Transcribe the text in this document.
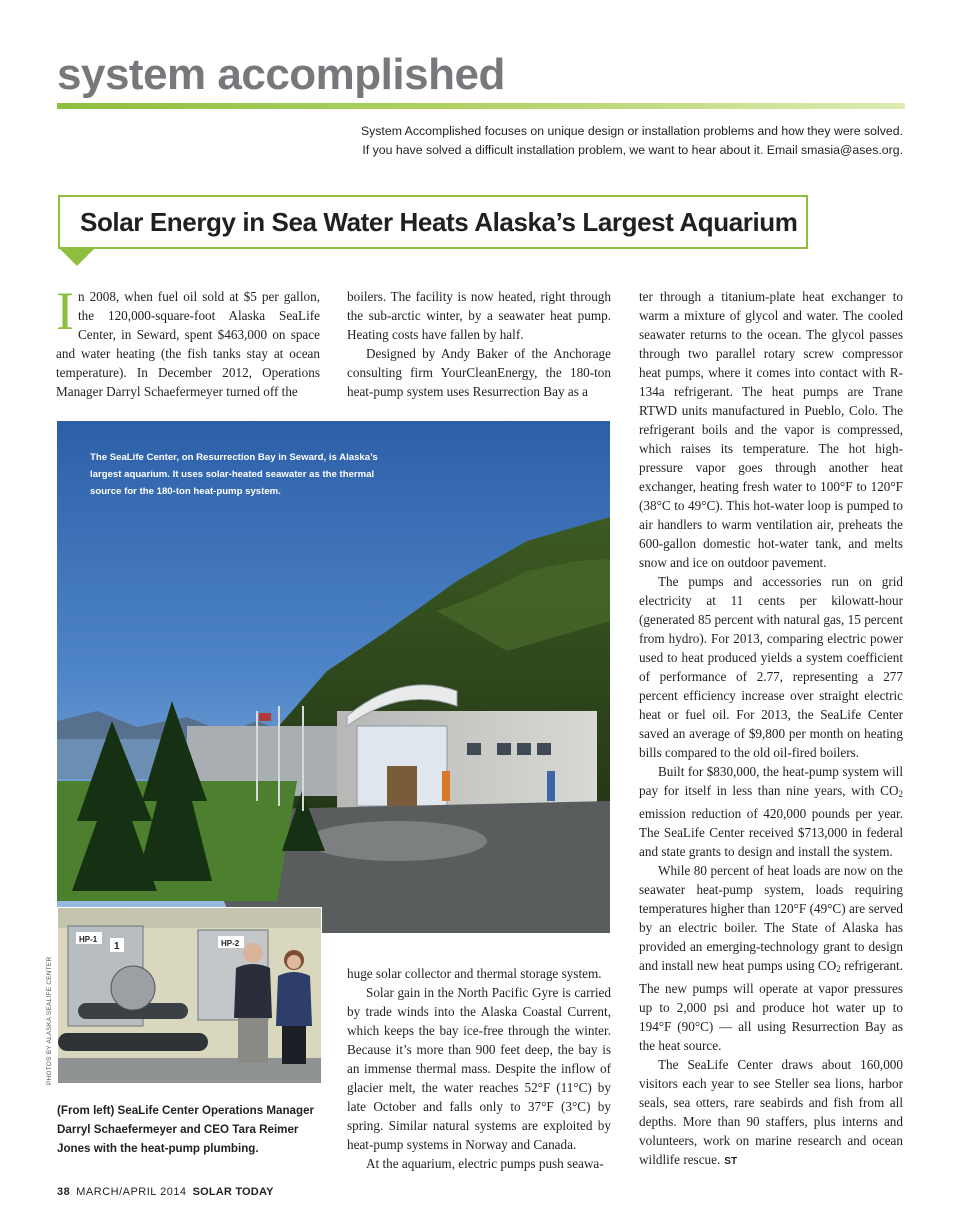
system accomplished

System Accomplished focuses on unique design or installation problems and how they were solved.

If you have solved a difficult installation problem, we want to hear about it. Email smasia@ases.org.

Solar Energy in Sea Water Heats Alaska’s Largest Aquarium

In 2008, when fuel oil sold at $5 per gallon, the 120,000-square-foot Alaska SeaLife Center, in Seward, spent $463,000 on space and water heating (the fish tanks stay at ocean temperature). In December 2012, Operations Manager Darryl Schaefermeyer turned off the

boilers. The facility is now heated, right through the sub-arctic winter, by a seawater heat pump. Heating costs have fallen by half.

Designed by Andy Baker of the Anchorage consulting firm YourCleanEnergy, the 180-ton heat-pump system uses Resurrection Bay as a

ter through a titanium-plate heat exchanger to warm a mixture of glycol and water. The cooled seawater returns to the ocean. The glycol passes through two parallel rotary screw compressor heat pumps, where it comes into contact with R-134a refrigerant. The heat pumps are Trane RTWD units manufactured in Pueblo, Colo. The refrigerant boils and the vapor is compressed, which raises its temperature. The hot high-pressure vapor goes through another heat exchanger, heating fresh water to 100°F to 120°F (38°C to 49°C). This hot-water loop is pumped to air handlers to warm ventilation air, preheats the 600-gallon domestic hot-water tank, and melts snow and ice on outdoor pavement.

The pumps and accessories run on grid electricity at 11 cents per kilowatt-hour (generated 85 percent with natural gas, 15 percent from hydro). For 2013, comparing electric power used to heat produced yields a system coefficient of performance of 2.77, representing a 277 percent efficiency increase over straight electric heat or fuel oil. For 2013, the SeaLife Center saved an average of $9,800 per month on heating bills compared to the old oil-fired boilers.

Built for $830,000, the heat-pump system will pay for itself in less than nine years, with $CO_2$ emission reduction of 420,000 pounds per year. The SeaLife Center received $713,000 in federal and state grants to design and install the system.

While 80 percent of heat loads are now on the seawater heat-pump system, loads requiring temperatures higher than 120°F (49°C) are served by an electric boiler. The State of Alaska has provided an emerging-technology grant to design and install new heat pumps using $CO_2$ refrigerant. The new pumps will operate at vapor pressures up to 2,000 psi and produce hot water up to 194°F (90°C) — all using Resurrection Bay as the heat source.

The SeaLife Center draws about 160,000 visitors each year to see Steller sea lions, harbor seals, sea otters, rare seabirds and fish from all depths. More than 90 staffers, plus interns and volunteers, work on marine research and ocean wildlife rescue. ST

The SeaLife Center, on Resurrection Bay in Seward, is Alaska’s largest aquarium. It uses solar-heated seawater as the thermal source for the 180-ton heat-pump system.

huge solar collector and thermal storage system.

Solar gain in the North Pacific Gyre is carried by trade winds into the Alaska Coastal Current, which keeps the bay ice-free through the winter. Because it’s more than 900 feet deep, the bay is an immense thermal mass. Despite the inflow of glacier melt, the water reaches 52°F (11°C) by late October and falls only to 37°F (3°C) by spring. Similar natural systems are exploited by heat-pump systems in Norway and Canada.

At the aquarium, electric pumps push seawa-

HP-1
1	HP-2
PHOTOS BY ALASKA SEALIFE CENTER
(From left) SeaLife Center Operations Manager Darryl Schaefermeyer and CEO Tara Reimer Jones with the heat-pump plumbing.
38 MARCH/APRIL 2014 SOLAR TODAY
